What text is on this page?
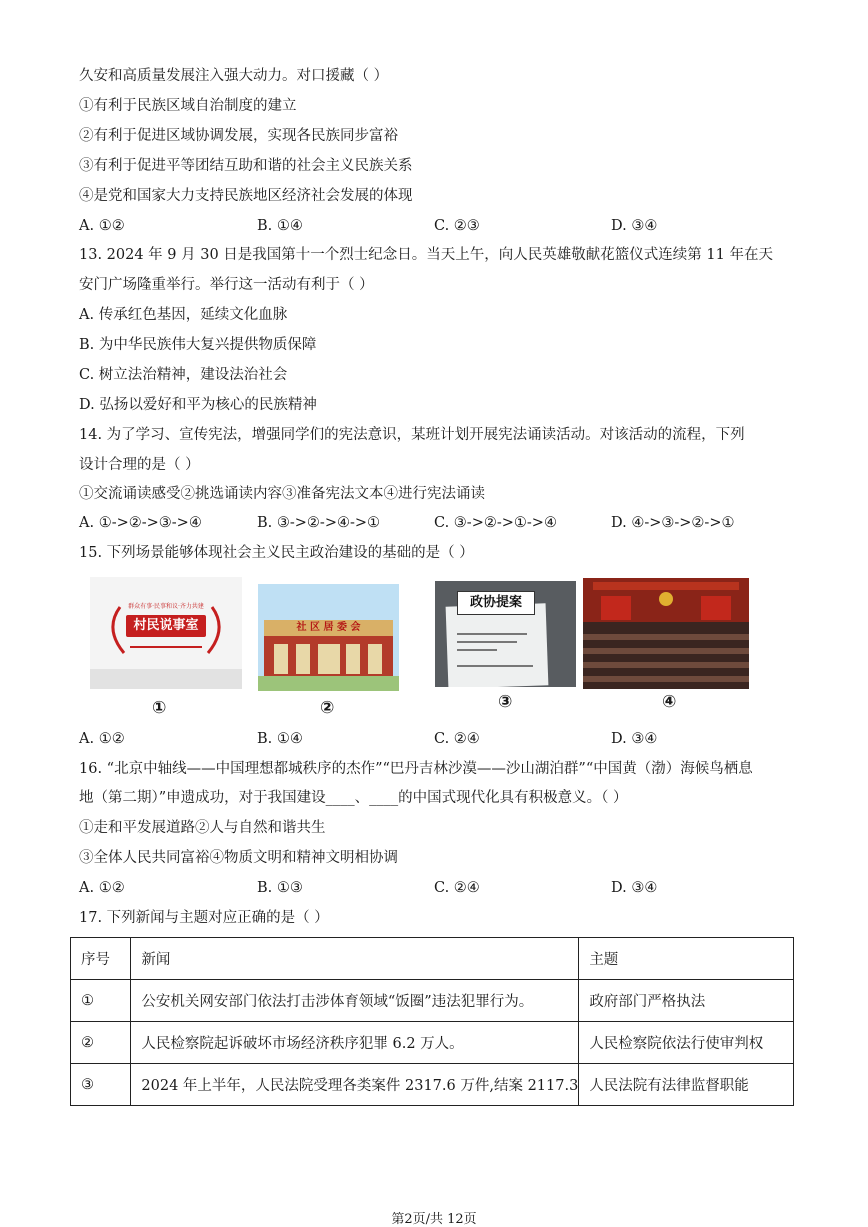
久安和高质量发展注入强大动力。对口援藏（ ）
①有利于民族区域自治制度的建立
②有利于促进区域协调发展，实现各民族同步富裕
③有利于促进平等团结互助和谐的社会主义民族关系
④是党和国家大力支持民族地区经济社会发展的体现
A. ①②	B. ①④	C. ②③	D. ③④
13. 2024 年 9 月 30 日是我国第十一个烈士纪念日。当天上午，向人民英雄敬献花篮仪式连续第 11 年在天
安门广场隆重举行。举行这一活动有利于（ ）
A. 传承红色基因，延续文化血脉
B. 为中华民族伟大复兴提供物质保障
C. 树立法治精神，建设法治社会
D. 弘扬以爱好和平为核心的民族精神
14. 为了学习、宣传宪法，增强同学们的宪法意识，某班计划开展宪法诵读活动。对该活动的流程，下列
设计合理的是（ ）
①交流诵读感受②挑选诵读内容③准备宪法文本④进行宪法诵读
A. ①->②->③->④	B. ③->②->④->①	C. ③->②->①->④	D. ④->③->②->①
15. 下列场景能够体现社会主义民主政治建设的基础的是（ ）
群众有事·民事和议·齐力共建
村民说事室
①
社 区 居 委 会
②
政协提案
③	④
A. ①②	B. ①④	C. ②④	D. ③④
16. “北京中轴线——中国理想都城秩序的杰作”“巴丹吉林沙漠——沙山湖泊群”“中国黄（渤）海候鸟栖息
地（第二期）”申遗成功，对于我国建设____、____的中国式现代化具有积极意义。（ ）
①走和平发展道路②人与自然和谐共生
③全体人民共同富裕④物质文明和精神文明相协调
A. ①②	B. ①③	C. ②④	D. ③④
17. 下列新闻与主题对应正确的是（ ）
序号	新闻	主题
①	公安机关网安部门依法打击涉体育领域“饭圈”违法犯罪行为。	政府部门严格执法
②	人民检察院起诉破坏市场经济秩序犯罪 6.2 万人。	人民检察院依法行使审判权
③	2024 年上半年，人民法院受理各类案件 2317.6 万件,结案 2117.3	人民法院有法律监督职能
第2页/共 12页
